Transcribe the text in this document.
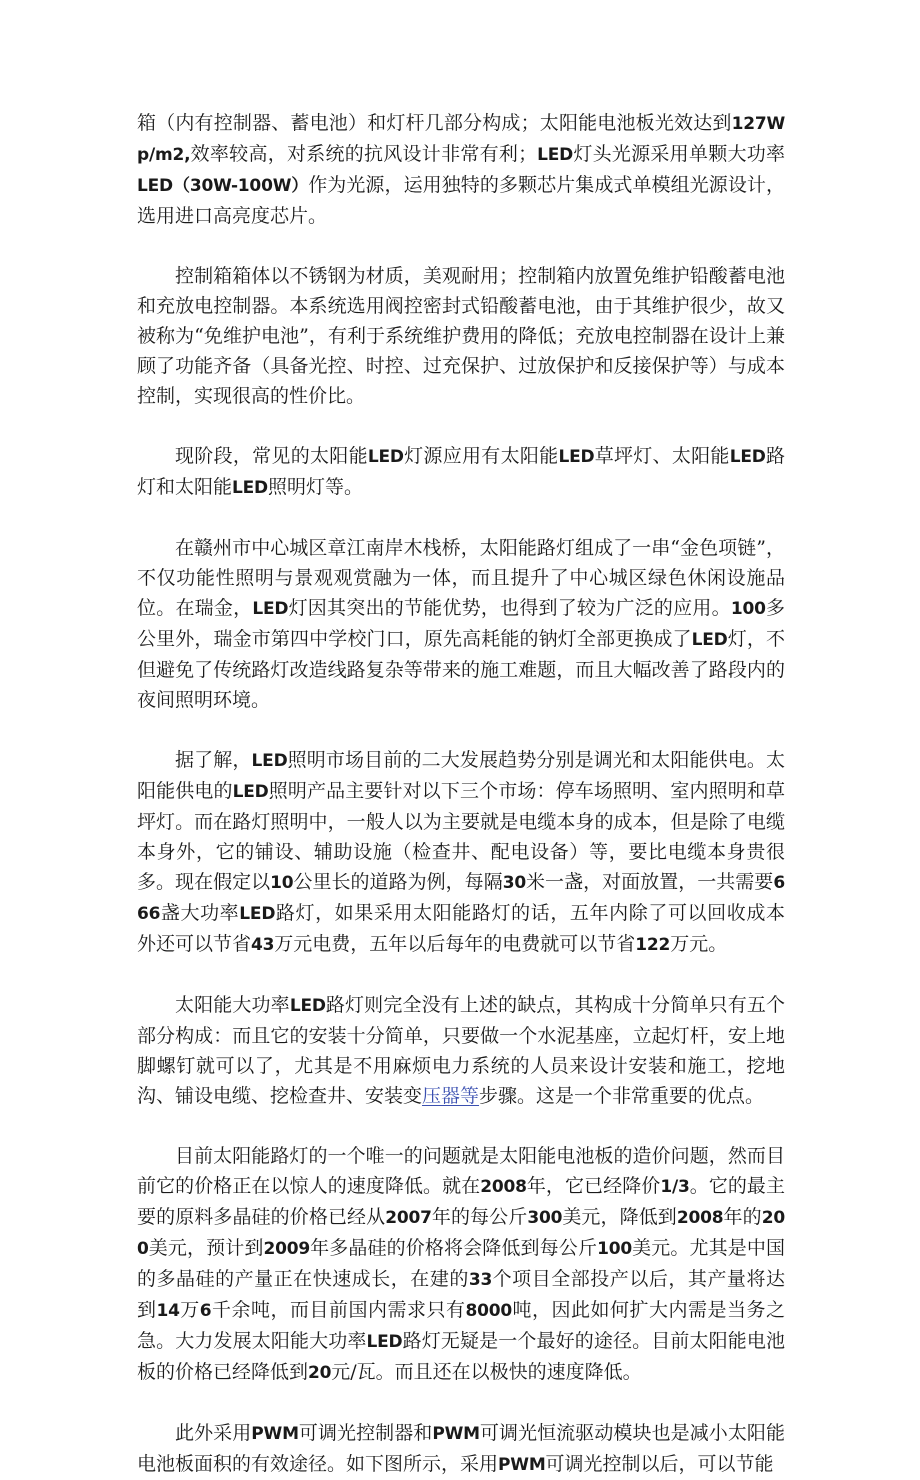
箱（内有控制器、蓄电池）和灯杆几部分构成；太阳能电池板光效达到127Wp/m2,效率较高，对系统的抗风设计非常有利；LED灯头光源采用单颗大功率LED（30W-100W）作为光源，运用独特的多颗芯片集成式单模组光源设计，选用进口高亮度芯片。

控制箱箱体以不锈钢为材质，美观耐用；控制箱内放置免维护铅酸蓄电池和充放电控制器。本系统选用阀控密封式铅酸蓄电池，由于其维护很少，故又被称为“免维护电池”，有利于系统维护费用的降低；充放电控制器在设计上兼顾了功能齐备（具备光控、时控、过充保护、过放保护和反接保护等）与成本控制，实现很高的性价比。

现阶段，常见的太阳能LED灯源应用有太阳能LED草坪灯、太阳能LED路灯和太阳能LED照明灯等。

在赣州市中心城区章江南岸木栈桥，太阳能路灯组成了一串“金色项链”，不仅功能性照明与景观观赏融为一体，而且提升了中心城区绿色休闲设施品位。在瑞金，LED灯因其突出的节能优势，也得到了较为广泛的应用。100多公里外，瑞金市第四中学校门口，原先高耗能的钠灯全部更换成了LED灯，不但避免了传统路灯改造线路复杂等带来的施工难题，而且大幅改善了路段内的夜间照明环境。

据了解，LED照明市场目前的二大发展趋势分别是调光和太阳能供电。太阳能供电的LED照明产品主要针对以下三个市场：停车场照明、室内照明和草坪灯。而在路灯照明中，一般人以为主要就是电缆本身的成本，但是除了电缆本身外，它的铺设、辅助设施（检查井、配电设备）等，要比电缆本身贵很多。现在假定以10公里长的道路为例，每隔30米一盏，对面放置，一共需要666盏大功率LED路灯，如果采用太阳能路灯的话，五年内除了可以回收成本外还可以节省43万元电费，五年以后每年的电费就可以节省122万元。

太阳能大功率LED路灯则完全没有上述的缺点，其构成十分简单只有五个部分构成：而且它的安装十分简单，只要做一个水泥基座，立起灯杆，安上地脚螺钉就可以了，尤其是不用麻烦电力系统的人员来设计安装和施工，挖地沟、铺设电缆、挖检查井、安装变压器等步骤。这是一个非常重要的优点。

目前太阳能路灯的一个唯一的问题就是太阳能电池板的造价问题，然而目前它的价格正在以惊人的速度降低。就在2008年，它已经降价1/3。它的最主要的原料多晶硅的价格已经从2007年的每公斤300美元，降低到2008年的200美元，预计到2009年多晶硅的价格将会降低到每公斤100美元。尤其是中国的多晶硅的产量正在快速成长，在建的33个项目全部投产以后，其产量将达到14万6千余吨，而目前国内需求只有8000吨，因此如何扩大内需是当务之急。大力发展太阳能大功率LED路灯无疑是一个最好的途径。目前太阳能电池板的价格已经降低到20元/瓦。而且还在以极快的速度降低。

此外采用PWM可调光控制器和PWM可调光恒流驱动模块也是减小太阳能电池板面积的有效途径。如下图所示，采用PWM可调光控制以后，可以节能
